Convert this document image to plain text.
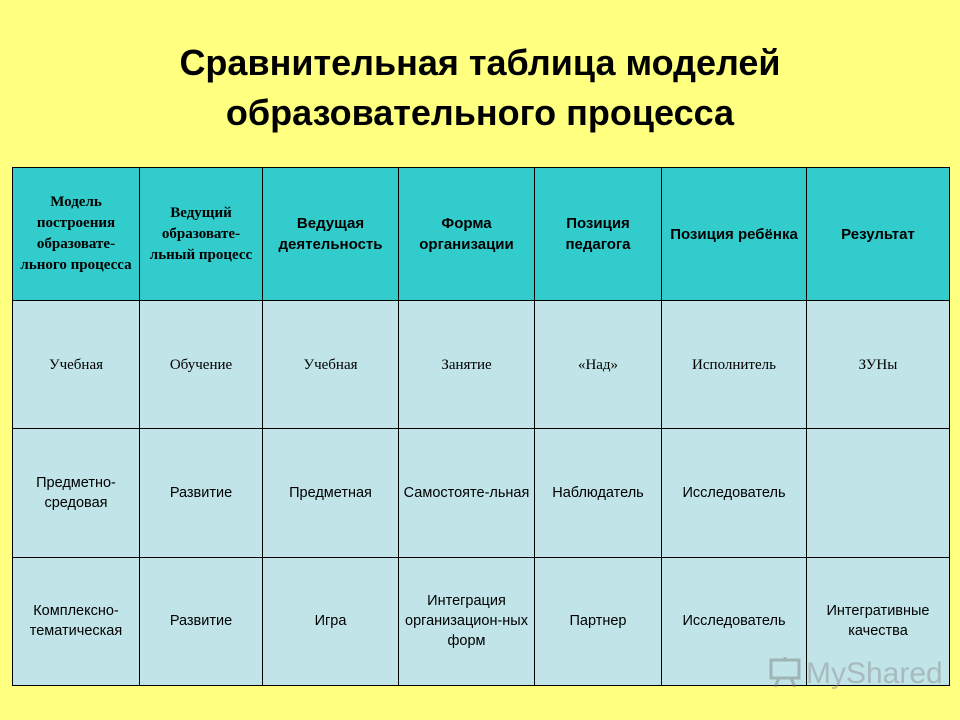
Сравнительная таблица моделей
образовательного процесса
Модель построения образовате-льного процесса	Ведущий образовате-льный процесс	Ведущая деятельность	Форма организации	Позиция педагога	Позиция ребёнка	Результат
Учебная	Обучение	Учебная	Занятие	«Над»	Исполнитель	ЗУНы
Предметно-средовая	Развитие	Предметная	Самостояте-льная	Наблюдатель	Исследователь	
Комплексно-тематическая	Развитие	Игра	Интеграция организацион-ных форм	Партнер	Исследователь	Интегративные качества
MyShared
